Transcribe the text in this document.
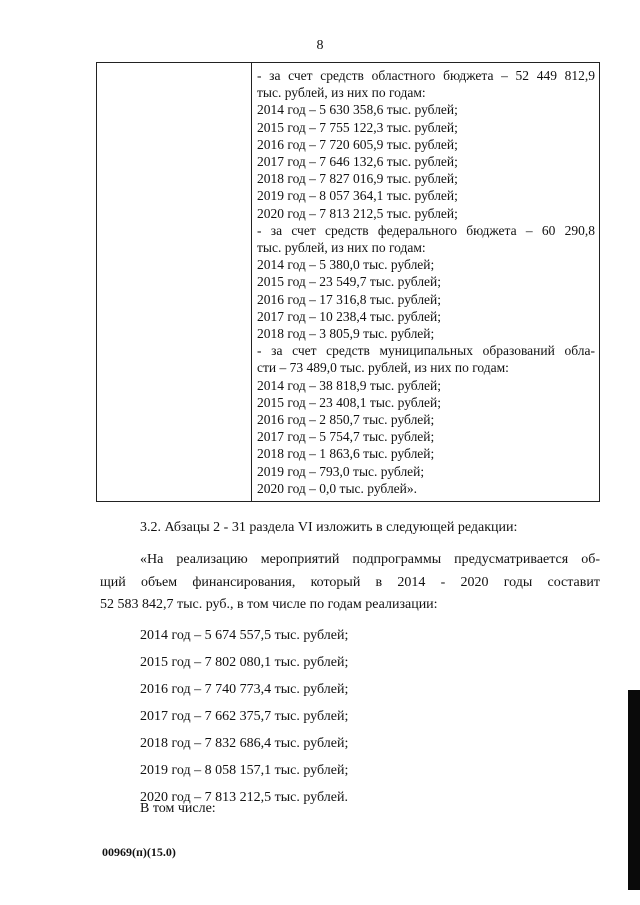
8
- за счет средств областного бюджета – 52 449 812,9
тыс. рублей, из них по годам:
2014 год – 5 630 358,6 тыс. рублей;
2015 год – 7 755 122,3 тыс. рублей;
2016 год – 7 720 605,9 тыс. рублей;
2017 год – 7 646 132,6 тыс. рублей;
2018 год – 7 827 016,9 тыс. рублей;
2019 год – 8 057 364,1 тыс. рублей;
2020 год – 7 813 212,5 тыс. рублей;
- за счет средств федерального бюджета – 60 290,8
тыс. рублей, из них по годам:
2014 год – 5 380,0 тыс. рублей;
2015 год – 23 549,7 тыс. рублей;
2016 год – 17 316,8 тыс. рублей;
2017 год – 10 238,4 тыс. рублей;
2018 год – 3 805,9 тыс. рублей;
- за счет средств муниципальных образований обла-
сти – 73 489,0 тыс. рублей, из них по годам:
2014 год – 38 818,9 тыс. рублей;
2015 год – 23 408,1 тыс. рублей;
2016 год – 2 850,7 тыс. рублей;
2017 год – 5 754,7 тыс. рублей;
2018 год – 1 863,6 тыс. рублей;
2019 год – 793,0 тыс. рублей;
2020 год – 0,0 тыс. рублей».
3.2. Абзацы 2 - 31 раздела VI изложить в следующей редакции:
«На реализацию мероприятий подпрограммы предусматривается об-
щий объем финансирования, который в 2014 - 2020 годы составит
52 583 842,7 тыс. руб., в том числе по годам реализации:
2014 год – 5 674 557,5 тыс. рублей;
2015 год – 7 802 080,1 тыс. рублей;
2016 год – 7 740 773,4 тыс. рублей;
2017 год – 7 662 375,7 тыс. рублей;
2018 год – 7 832 686,4 тыс. рублей;
2019 год – 8 058 157,1 тыс. рублей;
2020 год – 7 813 212,5 тыс. рублей.
В том числе:
00969(п)(15.0)
